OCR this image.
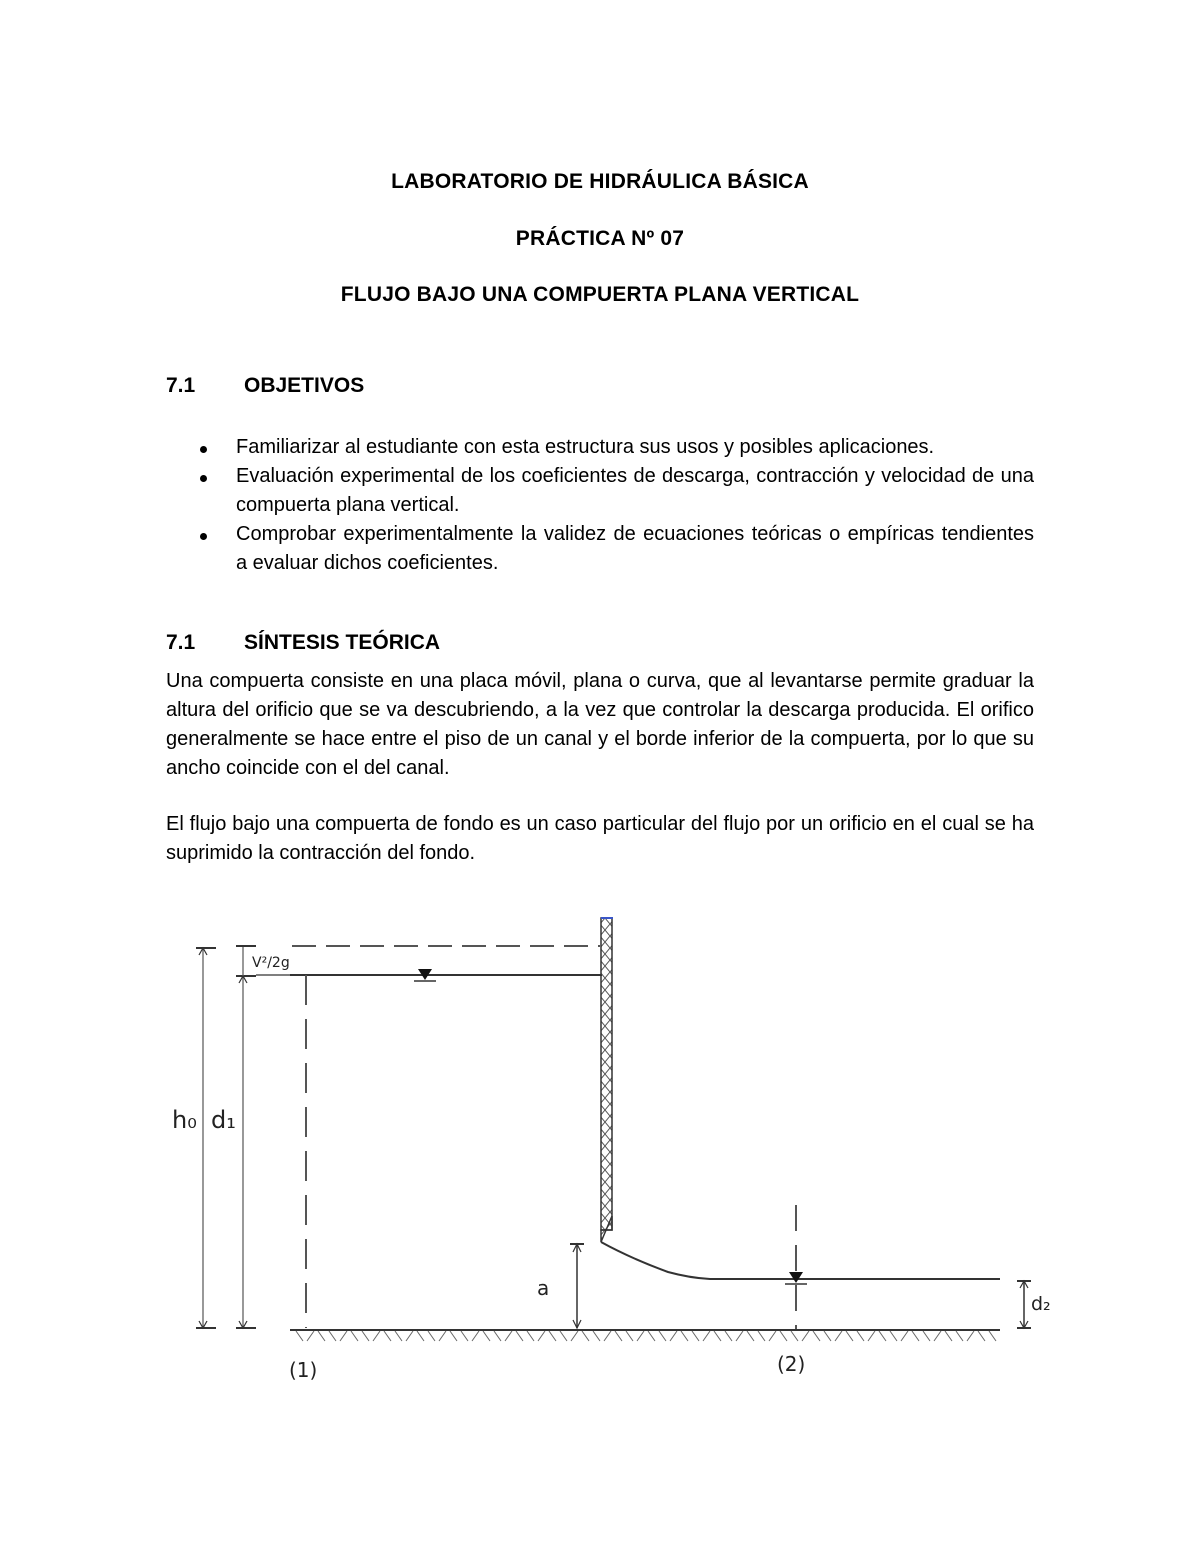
LABORATORIO DE HIDRÁULICA BÁSICA
PRÁCTICA Nº 07
FLUJO BAJO UNA COMPUERTA PLANA VERTICAL
7.1 OBJETIVOS
Familiarizar al estudiante con esta estructura sus usos y posibles aplicaciones.
Evaluación experimental de los coeficientes de descarga, contracción y velocidad de una compuerta plana vertical.
Comprobar experimentalmente la validez de ecuaciones teóricas o empíricas tendientes a evaluar dichos coeficientes.
7.1 SÍNTESIS TEÓRICA

Una compuerta consiste en una placa móvil, plana o curva, que al levantarse permite graduar la altura del orificio que se va descubriendo, a la vez que controlar la descarga producida. El orifico generalmente se hace entre el piso de un canal y el borde inferior de la compuerta, por lo que su ancho coincide con el del canal.

El flujo bajo una compuerta de fondo es un caso particular del flujo por un orificio en el cual se ha suprimido la contracción del fondo.

V²/2g
h₀ d₁
a
d₂
(1)	(2)
